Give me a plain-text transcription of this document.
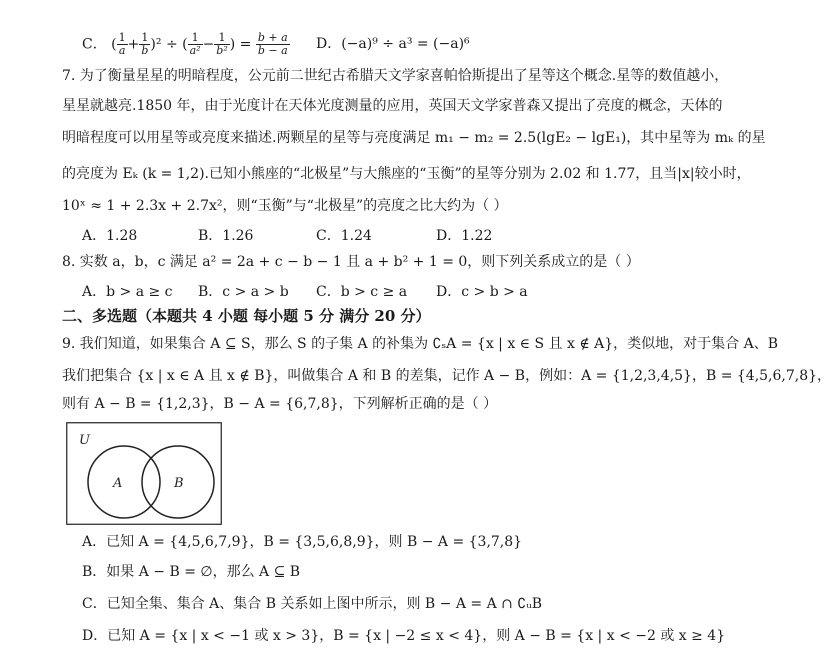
C． ( $\frac{1}{a} + \frac{1}{b} )^2$ ÷ ( $\frac{1}{\text{a²}} - \frac{1}{\text{b²}}$ ) = $\frac{b + a}{b - a}$ D．(−a)⁹ ÷ a³ = (−a)⁶
7. 为了衡量星星的明暗程度，公元前二世纪古希腊天文学家喜帕恰斯提出了星等这个概念.星等的数值越小，
星星就越亮.1850 年，由于光度计在天体光度测量的应用，英国天文学家普森又提出了亮度的概念，天体的
明暗程度可以用星等或亮度来描述.两颗星的星等与亮度满足 m₁ − m₂ = 2.5(lgE₂ − lgE₁)，其中星等为 mₖ 的星
的亮度为 Eₖ (k = 1,2).已知小熊座的“北极星”与大熊座的“玉衡”的星等分别为 2.02 和 1.77，且当|x|较小时，
10ˣ ≈ 1 + 2.3x + 2.7x²，则“玉衡”与“北极星”的亮度之比大约为（ ）
A．1.28	B．1.26	C．1.24	D．1.22
8. 实数 a，b，c 满足 a² = 2a + c − b − 1 且 a + b² + 1 = 0，则下列关系成立的是（ ）
A．b > a ≥ c B．c > a > b C．b > c ≥ a D．c > b > a
二、多选题（本题共 4 小题 每小题 5 分 满分 20 分）
9. 我们知道，如果集合 A ⊆ S，那么 S 的子集 A 的补集为 ∁ₛA = {x | x ∈ S 且 x ∉ A}，类似地，对于集合 A、B
我们把集合 {x | x ∈ A 且 x ∉ B}，叫做集合 A 和 B 的差集，记作 A − B，例如：A = {1,2,3,4,5}，B = {4,5,6,7,8}，
则有 A − B = {1,2,3}，B − A = {6,7,8}，下列解析正确的是（ ）
U
A	B
A．已知 A = {4,5,6,7,9}，B = {3,5,6,8,9}，则 B − A = {3,7,8}
B．如果 A − B = ∅，那么 A ⊆ B
C．已知全集、集合 A、集合 B 关系如上图中所示，则 B − A = A ∩ ∁ᵤB
D．已知 A = {x | x < −1 或 x > 3}，B = {x | −2 ≤ x < 4}，则 A − B = {x | x < −2 或 x ≥ 4}
